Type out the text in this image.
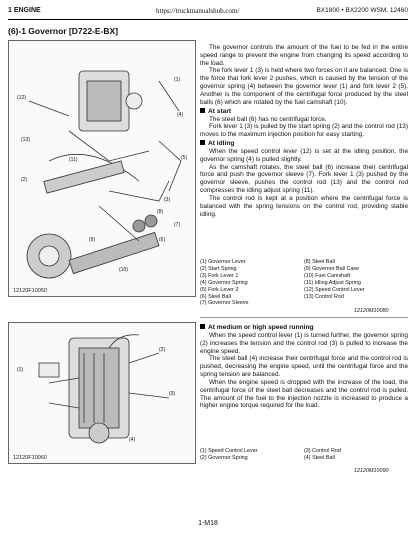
1 ENGINE	https://truckmanualshub.com/	BX1800 • BX2200 WSM, 12460
(6)-1 Governor [D722-E-BX]
(12)
(1)
(4)
(5)
(3)
(13)
(2)
(6)
(10)
(7)
(8)
(9)
(11)
12120F10050

The governor controls the amount of the fuel to be fed in the entire speed range to prevent the engine from changing its speed according to the load.

The fork lever 1 (3) is held where two forces on it are balanced. One is the force that fork lever 2 pushes, which is caused by the tension of the governor spring (4) between the governor lever (1) and fork lever 2 (5). Another is the component of the centrifugal force produced by the steel balls (6) which are rotated by the fuel camshaft (10).

At start

The steel ball (6) has no centrifugal force.

Fork lever 1 (3) is pulled by the start spring (2) and the control rod (13) moves to the maximum injection position for easy starting.

At idling

When the speed control lever (12) is set at the idling position, the governor spring (4) is pulled slightly.

As the camshaft rotates, the steel ball (6) increase their centrifugal force and push the governor sleeve (7). Fork lever 1 (3) pushed by the governor sleeve, pushes the control rod (13) and the control rod compresses the idling adjust spring (11).

The control rod is kept at a position where the centrifugal force is balanced with the spring tensions on the control rod, providing stable idling.

(1) Governor Lever
(2) Start Spring
(3) Fork Lever 1
(4) Governor Spring
(5) Fork Lever 2
(6) Steel Ball
(7) Governor Sleeve
(8) Steel Ball
(9) Governor Ball Case
(10) Fuel Camshaft
(11) Idling Adjust Spring
(12) Speed Control Lever
(13) Control Rod
12120M10080
(1)
(2)
(3)
(4)
12120F10060
At medium or high speed running

When the speed control lever (1) is turned further, the governor spring (2) increases the tension and the control rod (3) is pulled to increase the engine speed.

The steel ball (4) increase their centrifugal force and the control rod is pushed, decreasing the engine speed, until the centrifugal force and the spring tension are balanced.

When the engine speed is dropped with the increase of the load, the centrifugal force of the steel ball decreases and the control rod is pulled. The amount of the fuel to the injection nozzle is increased to produce a higher engine torque required for the load.

(1) Speed Control Lever
(2) Governor Spring
(3) Control Rod
(4) Steel Ball
12120M10090
1-M18
